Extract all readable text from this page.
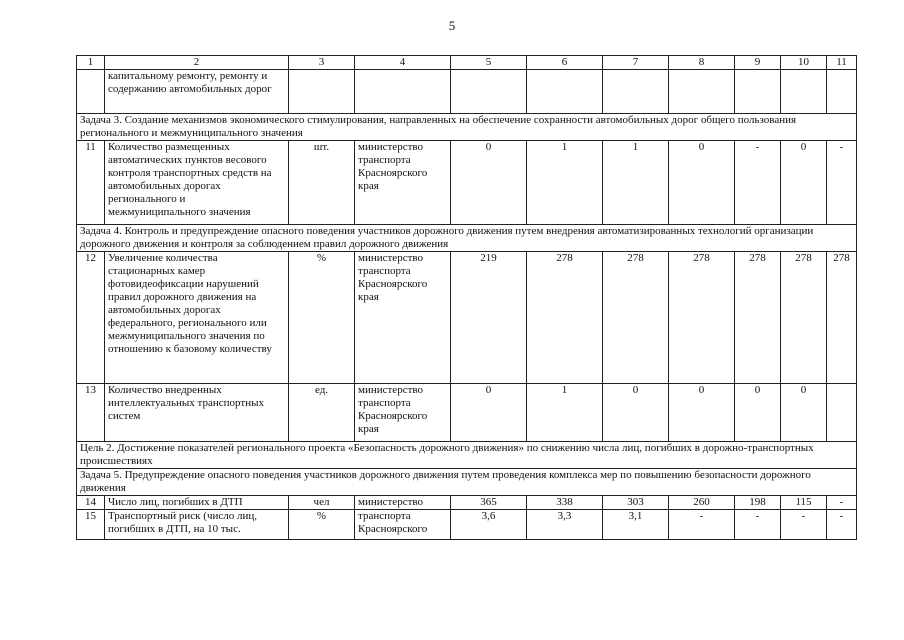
5
1	2	3	4	5	6	7	8	9	10	11
	капитальному ремонту, ремонту и содержанию автомобильных дорог									
Задача 3. Создание механизмов экономического стимулирования, направленных на обеспечение сохранности автомобильных дорог общего пользования регионального и межмуниципального значения										
11	Количество размещенных автоматических пунктов весового контроля транспортных средств на автомобильных дорогах регионального и межмуниципального значения	шт.	министерство транспорта Красноярского края	0	1	1	0	-	0	-
Задача 4. Контроль и предупреждение опасного поведения участников дорожного движения путем внедрения автоматизированных технологий организации дорожного движения и контроля за соблюдением правил дорожного движения										
12	Увеличение количества стационарных камер фотовидеофиксации нарушений правил дорожного движения на автомобильных дорогах федерального, регионального или межмуниципального значения по отношению к базовому количеству	%	министерство транспорта Красноярского края	219	278	278	278	278	278	278
13	Количество внедренных интеллектуальных транспортных систем	ед.	министерство транспорта Красноярского края	0	1	0	0	0	0	
Цель 2. Достижение показателей регионального проекта «Безопасность дорожного движения» по снижению числа лиц, погибших в дорожно-транспортных происшествиях										
Задача 5. Предупреждение опасного поведения участников дорожного движения путем проведения комплекса мер по повышению безопасности дорожного движения										
14	Число лиц, погибших в ДТП	чел	министерство	365	338	303	260	198	115	-
15	Транспортный риск (число лиц, погибших в ДТП, на 10 тыс.	%	транспорта Красноярского	3,6	3,3	3,1	-	-	-	-
